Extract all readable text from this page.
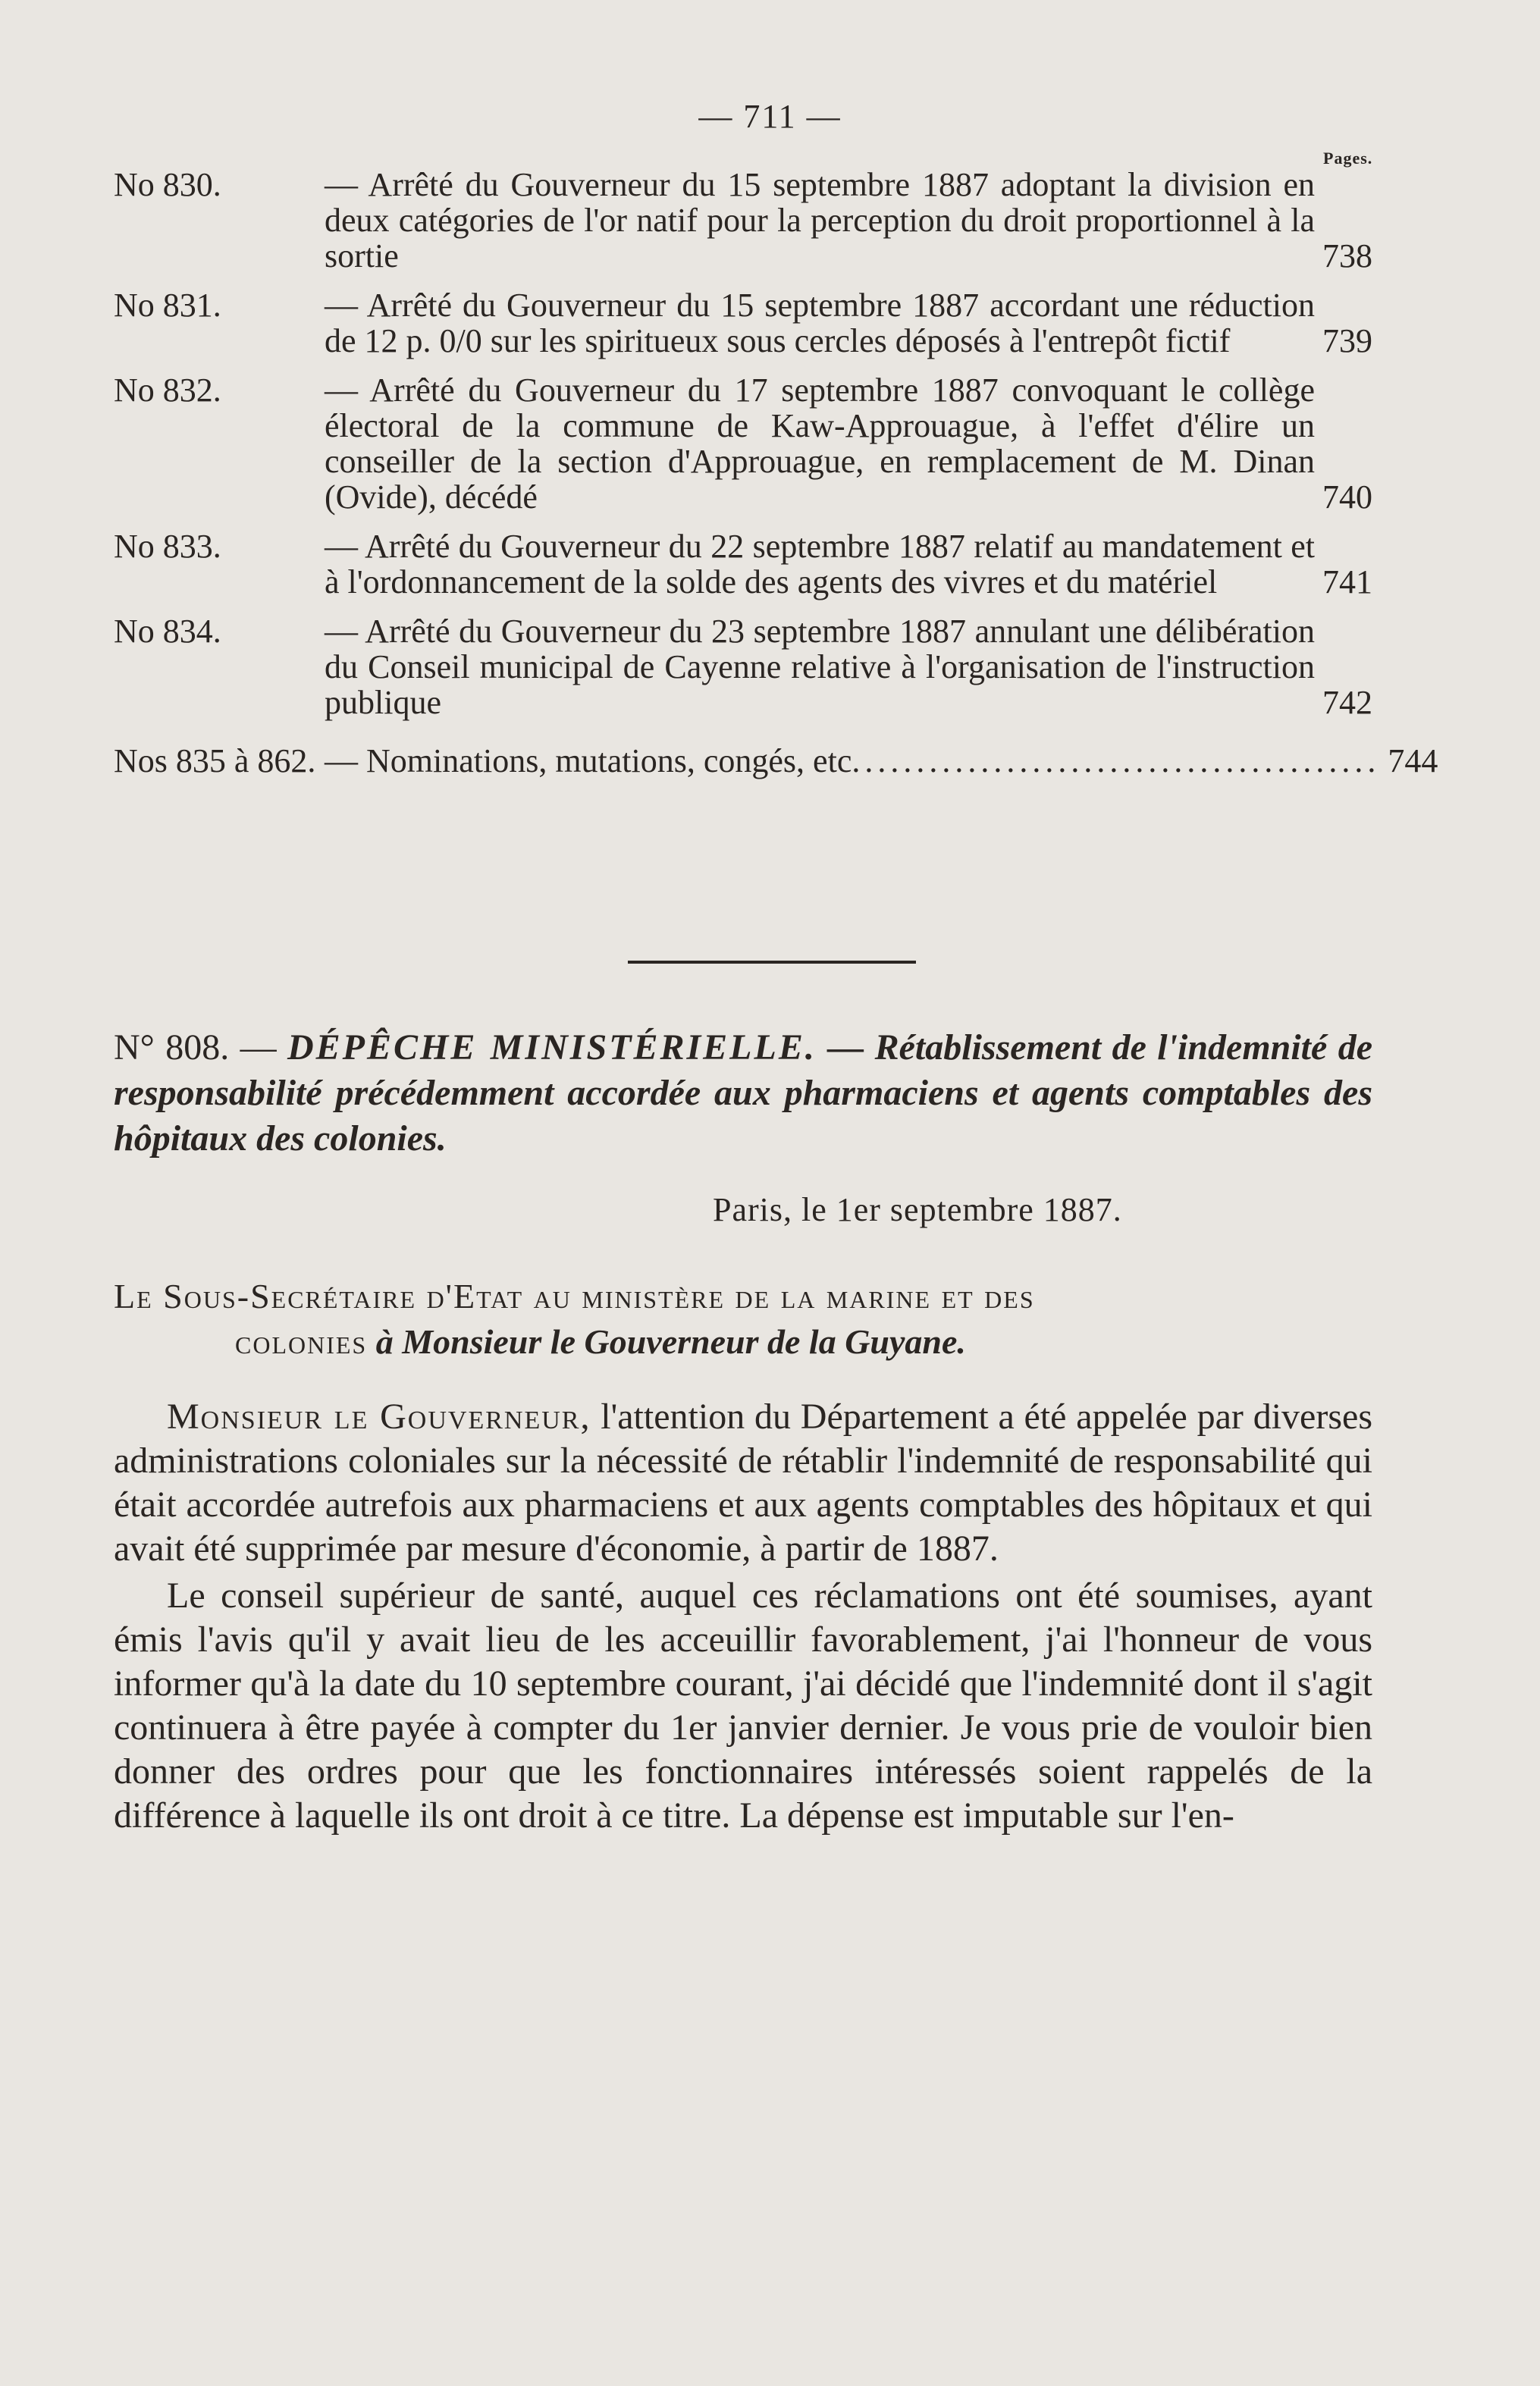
— 711 —
Pages.
No 830.	— Arrêté du Gouverneur du 15 septembre 1887 adoptant la division en deux catégories de l'or natif pour la perception du droit proportionnel à la sortie	738
No 831.	— Arrêté du Gouverneur du 15 septembre 1887 accordant une réduction de 12 p. 0/0 sur les spiritueux sous cercles déposés à l'entrepôt fictif	739
No 832.	— Arrêté du Gouverneur du 17 septembre 1887 convoquant le collège électoral de la commune de Kaw-Approuague, à l'effet d'élire un conseiller de la section d'Approuague, en remplacement de M. Dinan (Ovide), décédé	740
No 833.	— Arrêté du Gouverneur du 22 septembre 1887 relatif au mandatement et à l'ordonnancement de la solde des agents des vivres et du matériel	741
No 834.	— Arrêté du Gouverneur du 23 septembre 1887 annulant une délibération du Conseil municipal de Cayenne relative à l'organisation de l'instruction publique	742
Nos 835 à 862. — Nominations, mutations, congés, etc ......................................... 744
N° 808. — DÉPÊCHE MINISTÉRIELLE. — Rétablissement de l'indemnité de responsabilité précédemment accordée aux pharmaciens et agents comptables des hôpitaux des colonies.
Paris, le 1er septembre 1887.
Le Sous-Secrétaire d'Etat au ministère de la marine et des
colonies à Monsieur le Gouverneur de la Guyane.

Monsieur le Gouverneur, l'attention du Département a été appelée par diverses administrations coloniales sur la nécessité de rétablir l'indemnité de responsabilité qui était accordée autrefois aux pharmaciens et aux agents comptables des hôpitaux et qui avait été supprimée par mesure d'économie, à partir de 1887.

Le conseil supérieur de santé, auquel ces réclamations ont été soumises, ayant émis l'avis qu'il y avait lieu de les acceuillir favorablement, j'ai l'honneur de vous informer qu'à la date du 10 septembre courant, j'ai décidé que l'indemnité dont il s'agit continuera à être payée à compter du 1er janvier dernier. Je vous prie de vouloir bien donner des ordres pour que les fonctionnaires intéressés soient rappelés de la différence à laquelle ils ont droit à ce titre. La dépense est imputable sur l'en-
